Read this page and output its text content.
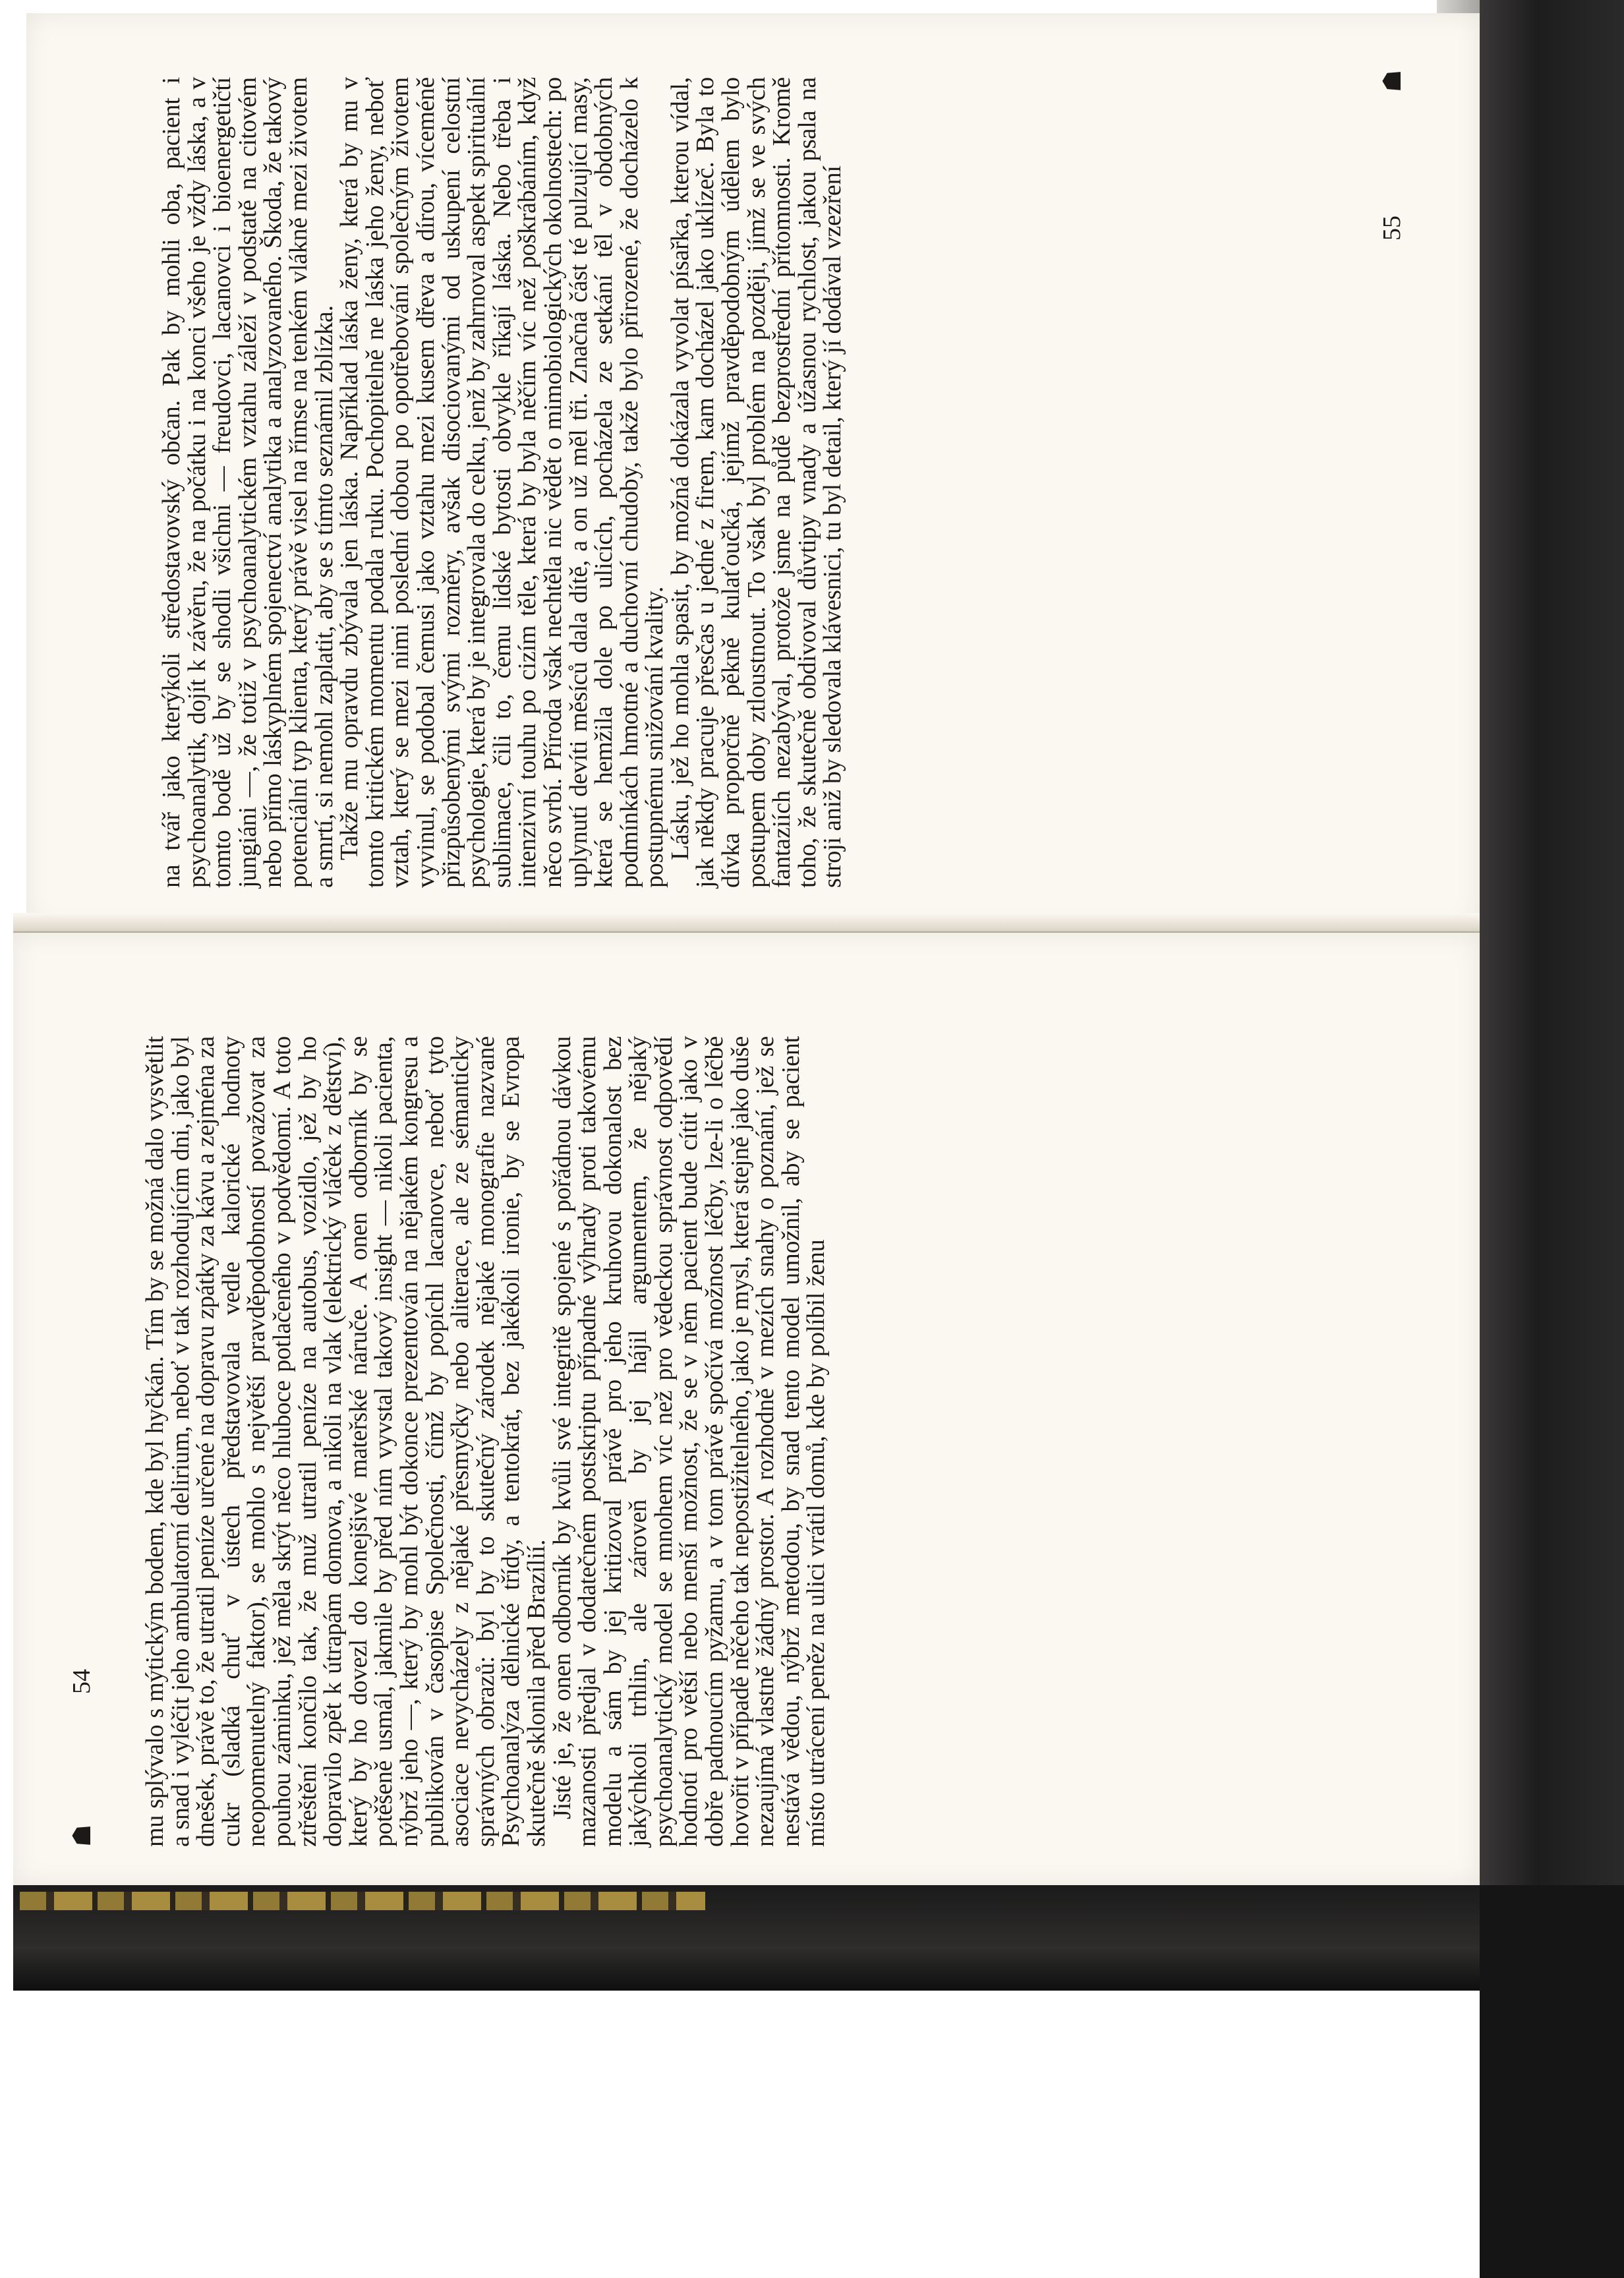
na tvář jako kterýkoli středostavovský občan. Pak by mohli oba, pacient i psychoanalytik, dojít k závěru, že na počátku i na konci všeho je vždy láska, a v tomto bodě už by se shodli všichni — freudovci, lacanovci i bioenergetičtí jungiáni —, že totiž v psychoanalytickém vztahu záleží v podstatě na citovém nebo přímo láskyplném spojenectví analytika a analyzovaného. Škoda, že takový potenciální typ klienta, který právě visel na římse na tenkém vlákně mezi životem a smrtí, si nemohl zaplatit, aby se s tímto seznámil zblízka.

Takže mu opravdu zbývala jen láska. Například láska ženy, která by mu v tomto kritickém momentu podala ruku. Pochopitelně ne láska jeho ženy, neboť vztah, který se mezi nimi poslední dobou po opotřebování společným životem vyvinul, se podobal čemusi jako vztahu mezi kusem dřeva a dírou, víceméně přizpůsobenými svými rozměry, avšak disociovanými od uskupení celostní psychologie, která by je integrovala do celku, jenž by zahrnoval aspekt spirituální sublimace, čili to, čemu lidské bytosti obvykle říkají láska. Nebo třeba i intenzivní touhu po cizím těle, která by byla něčím víc než poškrábáním, když něco svrbí. Příroda však nechtěla nic vědět o mimobiologických okolnostech: po uplynutí devíti měsíců dala dítě, a on už měl tři. Značná část té pulzující masy, která se hemžila dole po ulicích, pocházela ze setkání těl v obdobných podmínkách hmotné a duchovní chudoby, takže bylo přirozené, že docházelo k postupnému snižování kvality.

Lásku, jež ho mohla spasit, by možná dokázala vyvolat písařka, kterou vídal, jak někdy pracuje přesčas u jedné z firem, kam docházel jako uklízeč. Byla to dívka proporčně pěkně kulaťoučká, jejímž pravděpodobným údělem bylo postupem doby ztloustnout. To však byl problém na později, jímž se ve svých fantaziích nezabýval, protože jsme na půdě bezprostřední přítomnosti. Kromě toho, že skutečně obdivoval důvtipy vnady a úžasnou rychlost, jakou psala na stroji aniž by sledovala klávesnici, tu byl detail, který jí dodával vzezření	55
☗

mu splývalo s mýtickým bodem, kde byl hyčkán. Tím by se možná dalo vysvětlit a snad i vyléčit jeho ambulatorní delirium, neboť v tak rozhodujícím dni, jako byl dnešek, právě to, že utratil peníze určené na dopravu zpátky za kávu a zejména za cukr (sladká chuť v ústech představovala vedle kalorické hodnoty neopomenutelný faktor), se mohlo s největší pravděpodobností považovat za pouhou záminku, jež měla skrýt něco hluboce potlačeného v podvědomí. A toto ztřeštění končilo tak, že muž utratil peníze na autobus, vozidlo, jež by ho dopravilo zpět k útrapám domova, a nikoli na vlak (elektrický vláček z dětství), který by ho dovezl do konejšivé mateřské náruče. A onen odborník by se potěšeně usmál, jakmile by před ním vyvstal takový insight — nikoli pacienta, nýbrž jeho —, který by mohl být dokonce prezentován na nějakém kongresu a publikován v časopise Společnosti, čímž by popíchl lacanovce, neboť tyto asociace nevycházely z nějaké přesmyčky nebo aliterace, ale ze sémanticky správných obrazů: byl by to skutečný zárodek nějaké monografie nazvané Psychoanalýza dělnické třídy, a tentokrát, bez jakékoli ironie, by se Evropa skutečně sklonila před Brazílií.

Jisté je, že onen odborník by kvůli své integritě spojené s pořádnou dávkou mazanosti předjal v dodatečném postskriptu případné výhrady proti takovému modelu a sám by jej kritizoval právě pro jeho kruhovou dokonalost bez jakýchkoli trhlin, ale zároveň by jej hájil argumentem, že nějaký psychoanalytický model se mnohem víc než pro vědeckou správnost odpovědí hodnotí pro větší nebo menší možnost, že se v něm pacient bude cítit jako v dobře padnoucím pyžamu, a v tom právě spočívá možnost léčby, lze-li o léčbě hovořit v případě něčeho tak nepostižitelného, jako je mysl, která stejně jako duše nezaujímá vlastně žádný prostor. A rozhodně v mezích snahy o poznání, jež se nestává vědou, nýbrž metodou, by snad tento model umožnil, aby se pacient místo utrácení peněz na ulici vrátil domů, kde by políbil ženu

54
☗
